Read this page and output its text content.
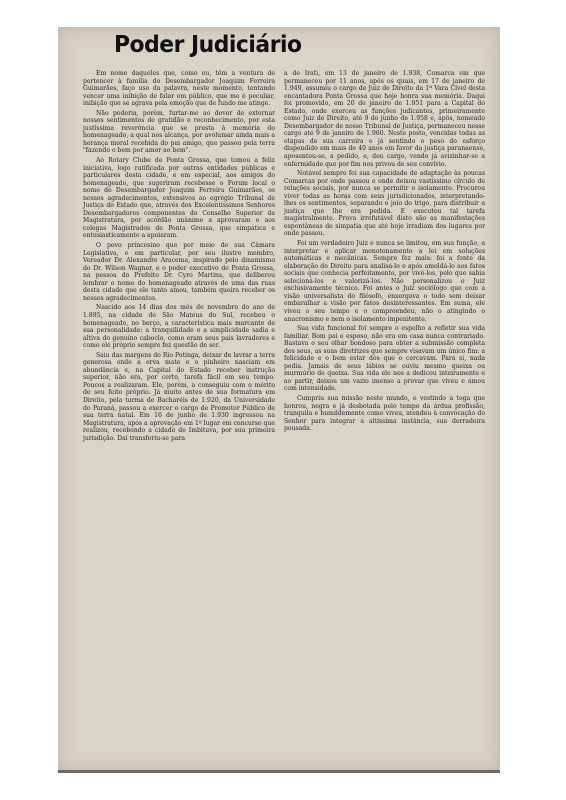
Poder Judiciário

Em nome daqueles que, como eu, têm a ventura de pertencer à família do Desembargador Joaquim Ferreira Guimarães, faço uso da palavra, neste momento, tentando vencer uma inibição de falar em público, que me é peculiar, inibição que se agrava pela emoção que de fundo me atinge.

Não poderia, porém, furtar-me ao dever de externar nossos sentimentos de gratidão e reconhecimento, por esta justíssima reverência que se presta à memória do homenageado, a qual nos alcança, por avolumar ainda mais a herança moral recebida do pai amigo, que passou pela terra "fazendo o bem por amor ao bem".

Ao Rotary Clube de Ponta Grossa, que tomou a feliz iniciativa, logo ratificada por outras entidades públicas e particulares desta cidade, e em especial, aos amigos do homenageado, que sugeriram recebesse o Forum local o nome de Desembargador Joaquim Ferreira Guimarães, os nossos agradecimentos, extensivos ao egrégio Tribunal de Justiça do Estado que, através dos Excelentíssimos Senhores Desembargadores componentes do Conselho Superior da Magistratura, por acórdão unânime a aprovaram e aos colegas Magistrados de Ponta Grossa, que simpática e entusiasticamente a apoiaram.

O povo princesino que por meio de sua Câmara Legislativa, e em particular, por seu ilustre membro, Vereador Dr. Alexandre Aracema, inspirado pelo dinamismo do Dr. Wilson Wagner, e o poder executivo de Ponta Grossa, na pessoa do Prefeito Dr. Cyro Martins, que deliberou lembrar o nome do homenageado através de uma das ruas desta cidade que ele tanto amou, também queira receber os nossos agradecimentos.

Nascido aos 14 dias dos mês de novembro do ano de 1.895, na cidade de São Mateus do Sul, recebeu o homenageado, no berço, a característica mais marcante de sua personalidade: a tranquilidade e a simplicidade sadia e altiva do genuíno caboclo, como eram seus pais lavradores e como ele próprio sempre fez questão de ser.

Saiu das margens do Rio Potinga, deixar de lavrar a terra generosa onde a erva mate e o pinheiro nasciam em abundância e, na Capital do Estado receber instrução superior, não era, por certo, tarefa fácil em seu tempo. Poucos a realizaram. Ele, porém, a conseguiu com o mérito de seu feito próprio. Já muito antes de sua formatura em Direito, pela turma de Bacharéis de 1.920, da Universidade do Paraná, passou a exercer o cargo de Promotor Público de sua terra natal. Em 16 de junho de 1.930 ingressou na Magistratura, após a aprovação em 1º lugar em concurso que realizou, recebendo a cidade de Imbituva, por sua primeira jurisdição. Daí transferiu-se para

a de Irati, em 13 de janeiro de 1.938, Comarca em que permaneceu por 11 anos, após os quais, em 17 de janeiro de 1.949, assumiu o cargo de Juiz de Direito da 1ª Vara Cível desta encantadora Ponta Grossa que hoje honra sua memória. Daqui foi promovido, em 20 de janeiro de 1.951 para a Capital do Estado, onde exerceu as funções judicantes, primeiramente como Juiz de Direito, até 9 de junho de 1.958 e, após, nomeado Desembargador de nosso Tribunal de Justiça, permaneceu nesse cargo até 9 de janeiro de 1.960. Neste posto, vencidas todas as etapas de sua carreira e já sentindo o peso do esforço dispendido em mais de 40 anos em favor da justiça paranaense, aposentou-se, a pedido, e, deu cargo, vendo já avizinhar-se a enfermidade que por fim nos privou de seu convívio.

Notável sempre foi sua capacidade de adaptação às poucas Comarcas por onde passou e onde deixou vastíssimo círculo de relações sociais, por nunca se permitir o isolamento. Procurou viver todas as horas com seus jurisdicionados, interpretando-lhes os sentimentos, separando o joio do trigo, para distribuir a justiça que lhe era pedida. E executou tal tarefa magistralmente. Prova irrefutável disto são as manifestações espontâneas de simpatia que até hoje irradiam dos lugares por onde passou.

Foi um verdadeiro Juiz e nunca se limitou, em sua função, a interpretar e aplicar monotonamente a lei em soluções automáticas e mecânicas. Sempre fez mais: foi a fonte da elaboração do Direito para analisá-lo e após amoldá-lo aos fatos sociais que conhecia perfeitamente, por vivê-los, pelo que sabia selecioná-los e valorizá-los. Não personalizou o Juiz exclusivamente técnico. Foi antes o Juiz sociólogo que com a visão universalista do filósofo, enxergava o todo sem deixar embaralhar a visão por fatos desinteressantes. Em suma, ele viveu o seu tempo e o compreendeu, não o atingindo o anacronismo e nem o isolamento impenitente.

Sua vida funcional foi sempre o espelho a refletir sua vida familiar. Bom pai e esposo, não era em casa nunca contrariado. Bastava o seu olhar bondoso para obter a submissão completa dos seus, as suas diretrizes que sempre visavam um único fim: a felicidade e o bem estar dos que o cercavam. Para si, nada pedia. Jamais de seus lábios se ouviu mesmo queixa ou murmúrio de queixa. Sua vida ele nos a dedicou inteiramente e ao partir, deixou um vazio imenso a provar que viveu e amou com intensidade.

Cumpriu sua missão neste mundo, e vestindo a toga que honrou, negra e já desbotada pelo tempo da árdua profissão, tranquila e humildemente como viveu, atendeu à convocação do Senhor para integrar a altíssima instância, sua derradeira pousada.
